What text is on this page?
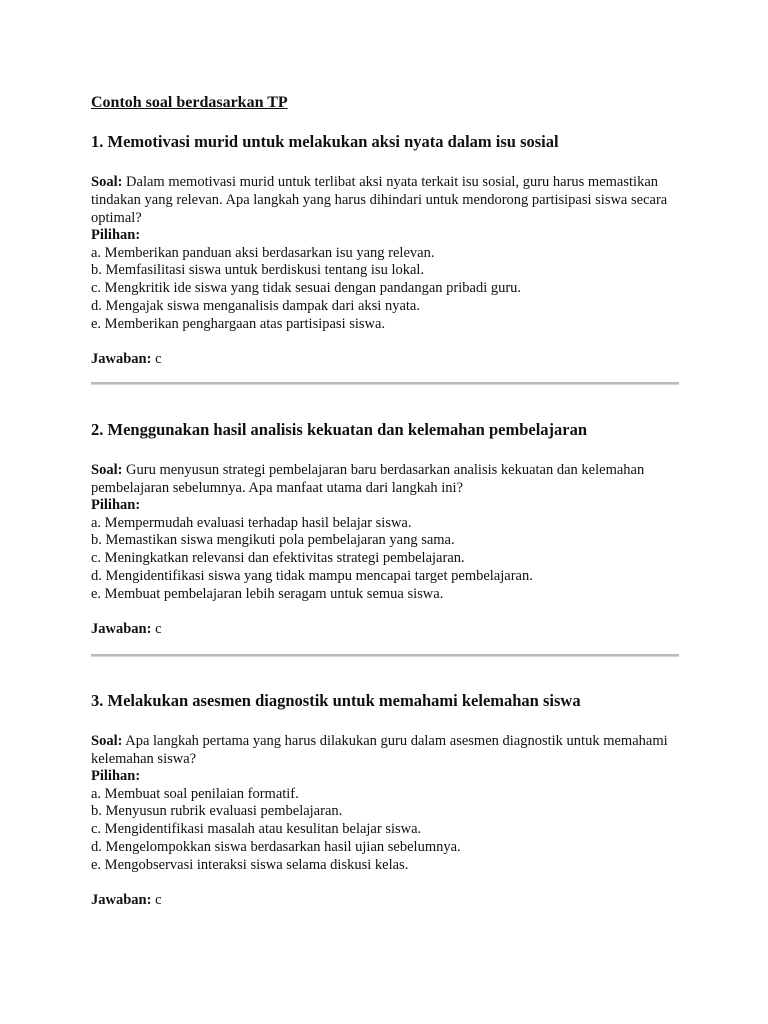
Contoh soal berdasarkan TP
1. Memotivasi murid untuk melakukan aksi nyata dalam isu sosial
Soal: Dalam memotivasi murid untuk terlibat aksi nyata terkait isu sosial, guru harus memastikan tindakan yang relevan. Apa langkah yang harus dihindari untuk mendorong partisipasi siswa secara optimal?
Pilihan:
a. Memberikan panduan aksi berdasarkan isu yang relevan.
b. Memfasilitasi siswa untuk berdiskusi tentang isu lokal.
c. Mengkritik ide siswa yang tidak sesuai dengan pandangan pribadi guru.
d. Mengajak siswa menganalisis dampak dari aksi nyata.
e. Memberikan penghargaan atas partisipasi siswa.
Jawaban: c
2. Menggunakan hasil analisis kekuatan dan kelemahan pembelajaran
Soal: Guru menyusun strategi pembelajaran baru berdasarkan analisis kekuatan dan kelemahan pembelajaran sebelumnya. Apa manfaat utama dari langkah ini?
Pilihan:
a. Mempermudah evaluasi terhadap hasil belajar siswa.
b. Memastikan siswa mengikuti pola pembelajaran yang sama.
c. Meningkatkan relevansi dan efektivitas strategi pembelajaran.
d. Mengidentifikasi siswa yang tidak mampu mencapai target pembelajaran.
e. Membuat pembelajaran lebih seragam untuk semua siswa.
Jawaban: c
3. Melakukan asesmen diagnostik untuk memahami kelemahan siswa
Soal: Apa langkah pertama yang harus dilakukan guru dalam asesmen diagnostik untuk memahami kelemahan siswa?
Pilihan:
a. Membuat soal penilaian formatif.
b. Menyusun rubrik evaluasi pembelajaran.
c. Mengidentifikasi masalah atau kesulitan belajar siswa.
d. Mengelompokkan siswa berdasarkan hasil ujian sebelumnya.
e. Mengobservasi interaksi siswa selama diskusi kelas.
Jawaban: c
